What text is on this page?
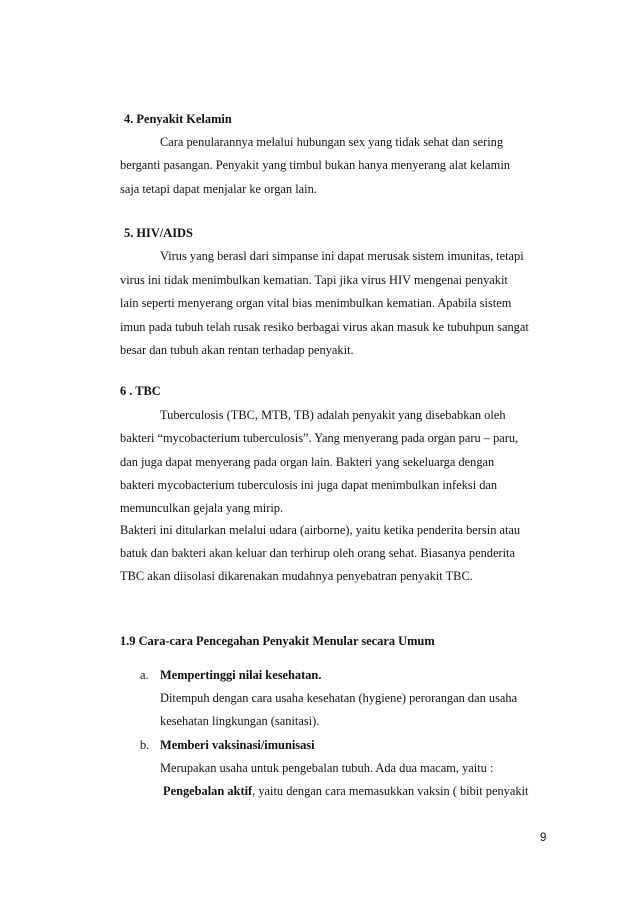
4. Penyakit Kelamin
Cara penularannya melalui hubungan sex yang tidak sehat dan sering
berganti pasangan. Penyakit yang timbul bukan hanya menyerang alat kelamin
saja tetapi dapat menjalar ke organ lain.
5. HIV/AIDS
Virus yang berasl dari simpanse ini dapat merusak sistem imunitas, tetapi
virus ini tidak menimbulkan kematian. Tapi jika virus HIV mengenai penyakit
lain seperti menyerang organ vital bias menimbulkan kematian. Apabila sistem
imun pada tubuh telah rusak resiko berbagai virus akan masuk ke tubuhpun sangat
besar dan tubuh akan rentan terhadap penyakit.
6 . TBC
Tuberculosis (TBC, MTB, TB) adalah penyakit yang disebabkan oleh
bakteri “mycobacterium tuberculosis”. Yang menyerang pada organ paru – paru,
dan juga dapat menyerang pada organ lain. Bakteri yang sekeluarga dengan
bakteri mycobacterium tuberculosis ini juga dapat menimbulkan infeksi dan
memunculkan gejala yang mirip.
Bakteri ini ditularkan melalui udara (airborne), yaitu ketika penderita bersin atau
batuk dan bakteri akan keluar dan terhirup oleh orang sehat. Biasanya penderita
TBC akan diisolasi dikarenakan mudahnya penyebatran penyakit TBC.
1.9 Cara-cara Pencegahan Penyakit Menular secara Umum
a. Mempertinggi nilai kesehatan.
Ditempuh dengan cara usaha kesehatan (hygiene) perorangan dan usaha
kesehatan lingkungan (sanitasi).
b. Memberi vaksinasi/imunisasi
Merupakan usaha untuk pengebalan tubuh. Ada dua macam, yaitu :
Pengebalan aktif, yaitu dengan cara memasukkan vaksin ( bibit penyakit
9
